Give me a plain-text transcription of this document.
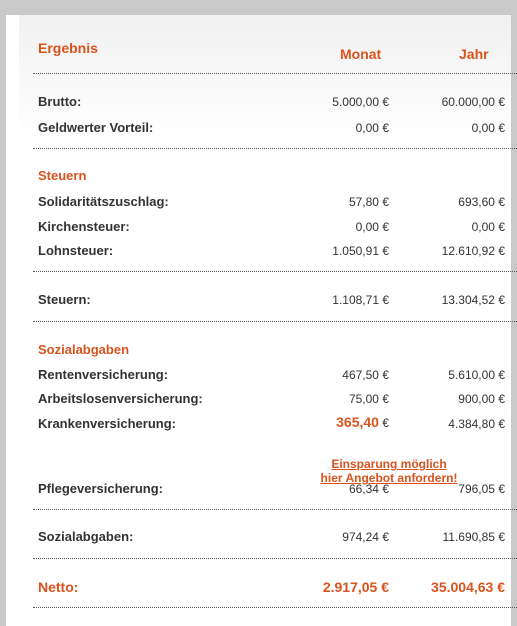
Ergebnis	Monat	Jahr
Brutto:	5.000,00 €	60.000,00 €
Geldwerter Vorteil:	0,00 €	0,00 €
Steuern
Solidaritätszuschlag:	57,80 €	693,60 €
Kirchensteuer:	0,00 €	0,00 €
Lohnsteuer:	1.050,91 €	12.610,92 €
Steuern:	1.108,71 €	13.304,52 €
Sozialabgaben
Rentenversicherung:	467,50 €	5.610,00 €
Arbeitslosenversicherung:	75,00 €	900,00 €
Krankenversicherung:	365,40 €	4.384,80 €
Einsparung möglich
hier Angebot anfordern!
Pflegeversicherung:	66,34 €	796,05 €
Sozialabgaben:	974,24 €	11.690,85 €
Netto:	2.917,05 €	35.004,63 €
